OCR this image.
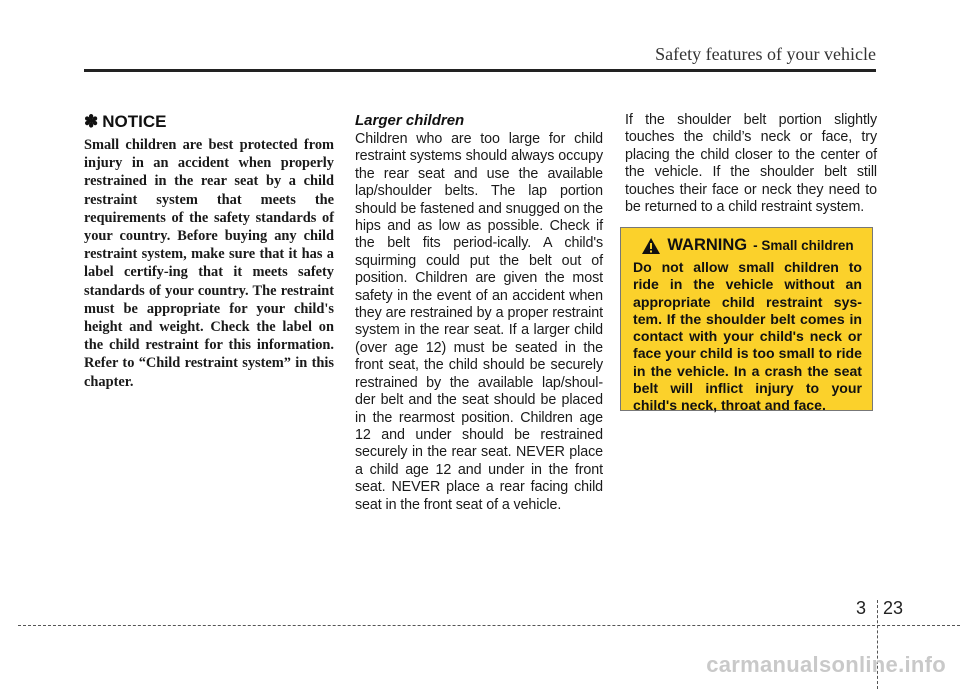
Safety features of your vehicle
✽ NOTICE

Small children are best protected from injury in an accident when properly restrained in the rear seat by a child restraint system that meets the requirements of the safety standards of your country. Before buying any child restraint system, make sure that it has a label certify-ing that it meets safety standards of your country. The restraint must be appropriate for your child's height and weight. Check the label on the child restraint for this information. Refer to “Child restraint system” in this chapter.

Larger children

Children who are too large for child restraint systems should always occupy the rear seat and use the available lap/shoulder belts. The lap portion should be fastened and snugged on the hips and as low as possible. Check if the belt fits period-ically. A child's squirming could put the belt out of position. Children are given the most safety in the event of an accident when they are restrained by a proper restraint system in the rear seat. If a larger child (over age 12) must be seated in the front seat, the child should be securely restrained by the available lap/shoul-der belt and the seat should be placed in the rearmost position. Children age 12 and under should be restrained securely in the rear seat. NEVER place a child age 12 and under in the front seat. NEVER place a rear facing child seat in the front seat of a vehicle.

If the shoulder belt portion slightly touches the child’s neck or face, try placing the child closer to the center of the vehicle. If the shoulder belt still touches their face or neck they need to be returned to a child restraint system.

WARNING - Small children

Do not allow small children to ride in the vehicle without an appropriate child restraint sys-tem. If the shoulder belt comes in contact with your child's neck or face your child is too small to ride in the vehicle. In a crash the seat belt will inflict injury to your child's neck, throat and face.

3 23
carmanualsonline.info
